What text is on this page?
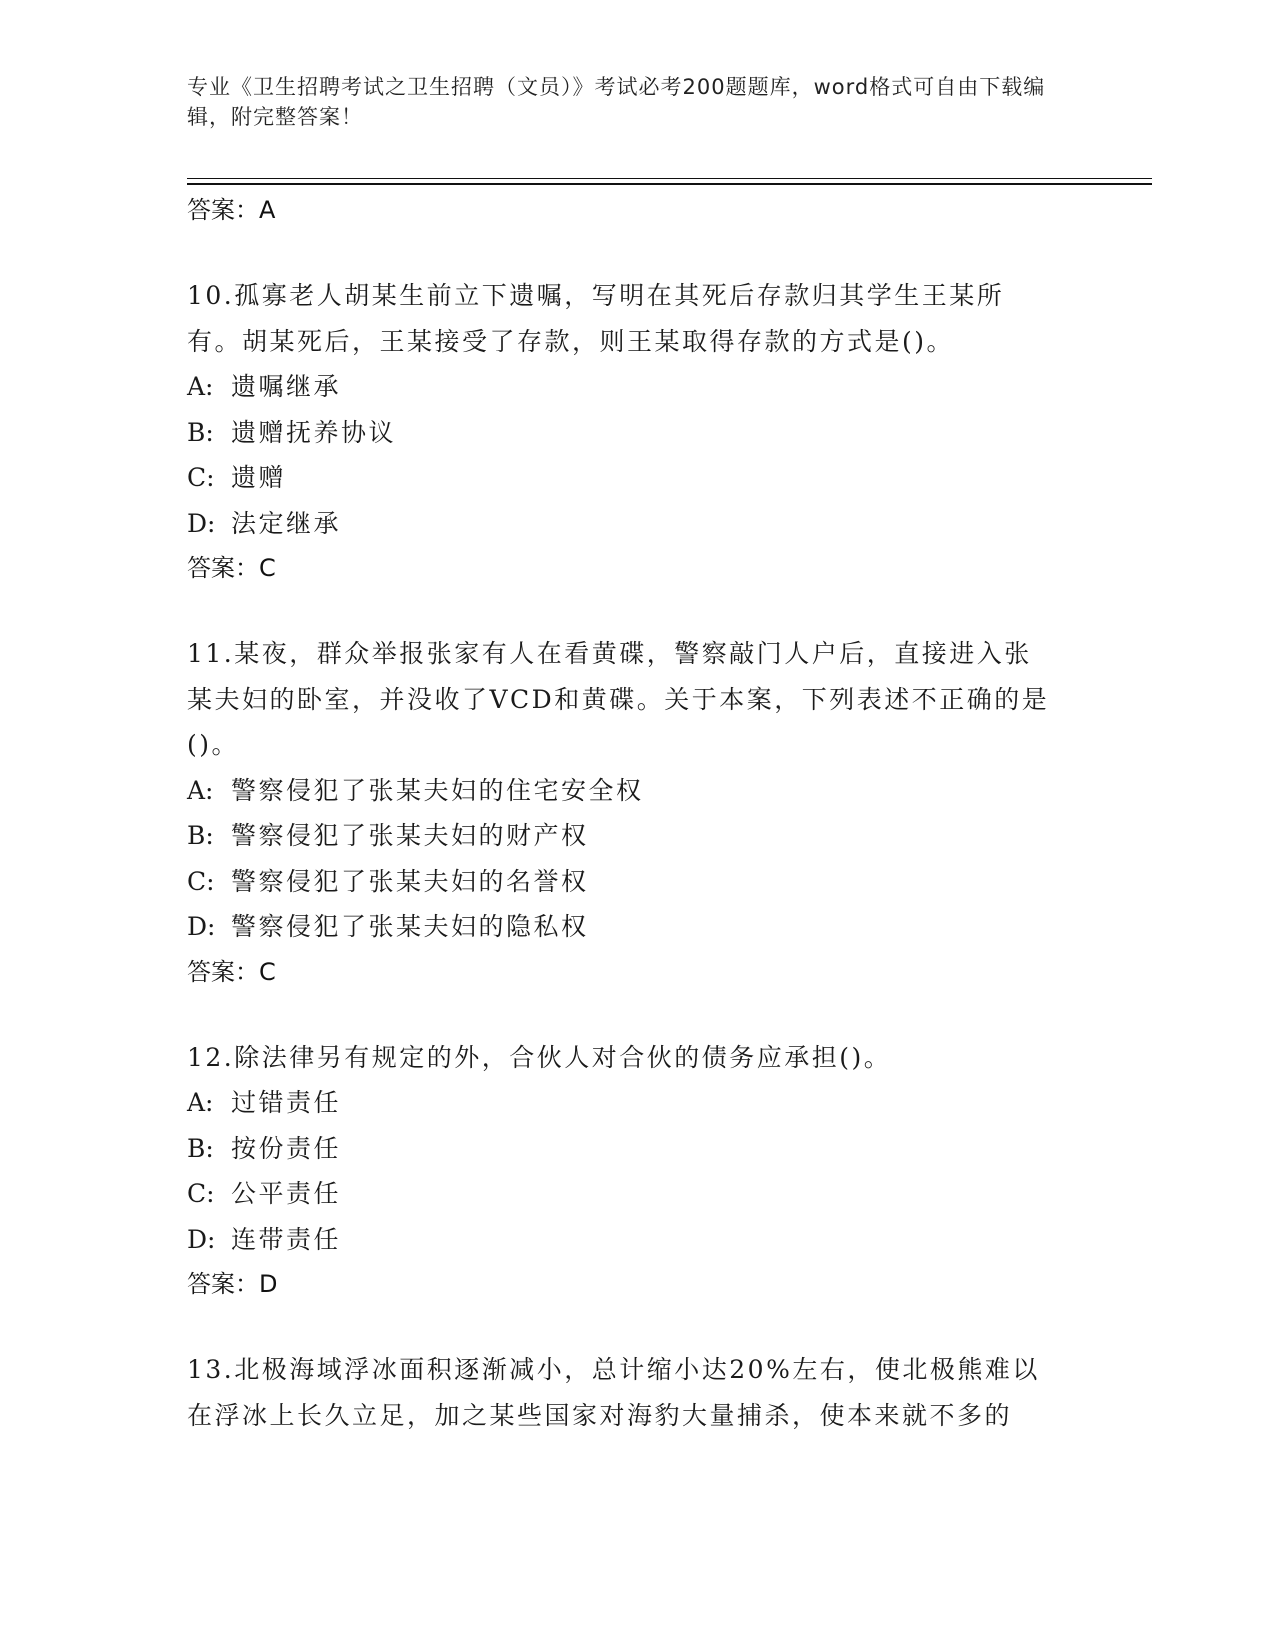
专业《卫生招聘考试之卫生招聘（文员）》考试必考200题题库，word格式可自由下载编辑，附完整答案！
答案：A
10.孤寡老人胡某生前立下遗嘱，写明在其死后存款归其学生王某所有。胡某死后，王某接受了存款，则王某取得存款的方式是()。
A: 遗嘱继承
B: 遗赠抚养协议
C: 遗赠
D: 法定继承
答案：C
11.某夜，群众举报张家有人在看黄碟，警察敲门人户后，直接进入张某夫妇的卧室，并没收了VCD和黄碟。关于本案，下列表述不正确的是()。
A: 警察侵犯了张某夫妇的住宅安全权
B: 警察侵犯了张某夫妇的财产权
C: 警察侵犯了张某夫妇的名誉权
D: 警察侵犯了张某夫妇的隐私权
答案：C
12.除法律另有规定的外，合伙人对合伙的债务应承担()。
A: 过错责任
B: 按份责任
C: 公平责任
D: 连带责任
答案：D
13.北极海域浮冰面积逐渐减小，总计缩小达20%左右，使北极熊难以在浮冰上长久立足，加之某些国家对海豹大量捕杀，使本来就不多的
